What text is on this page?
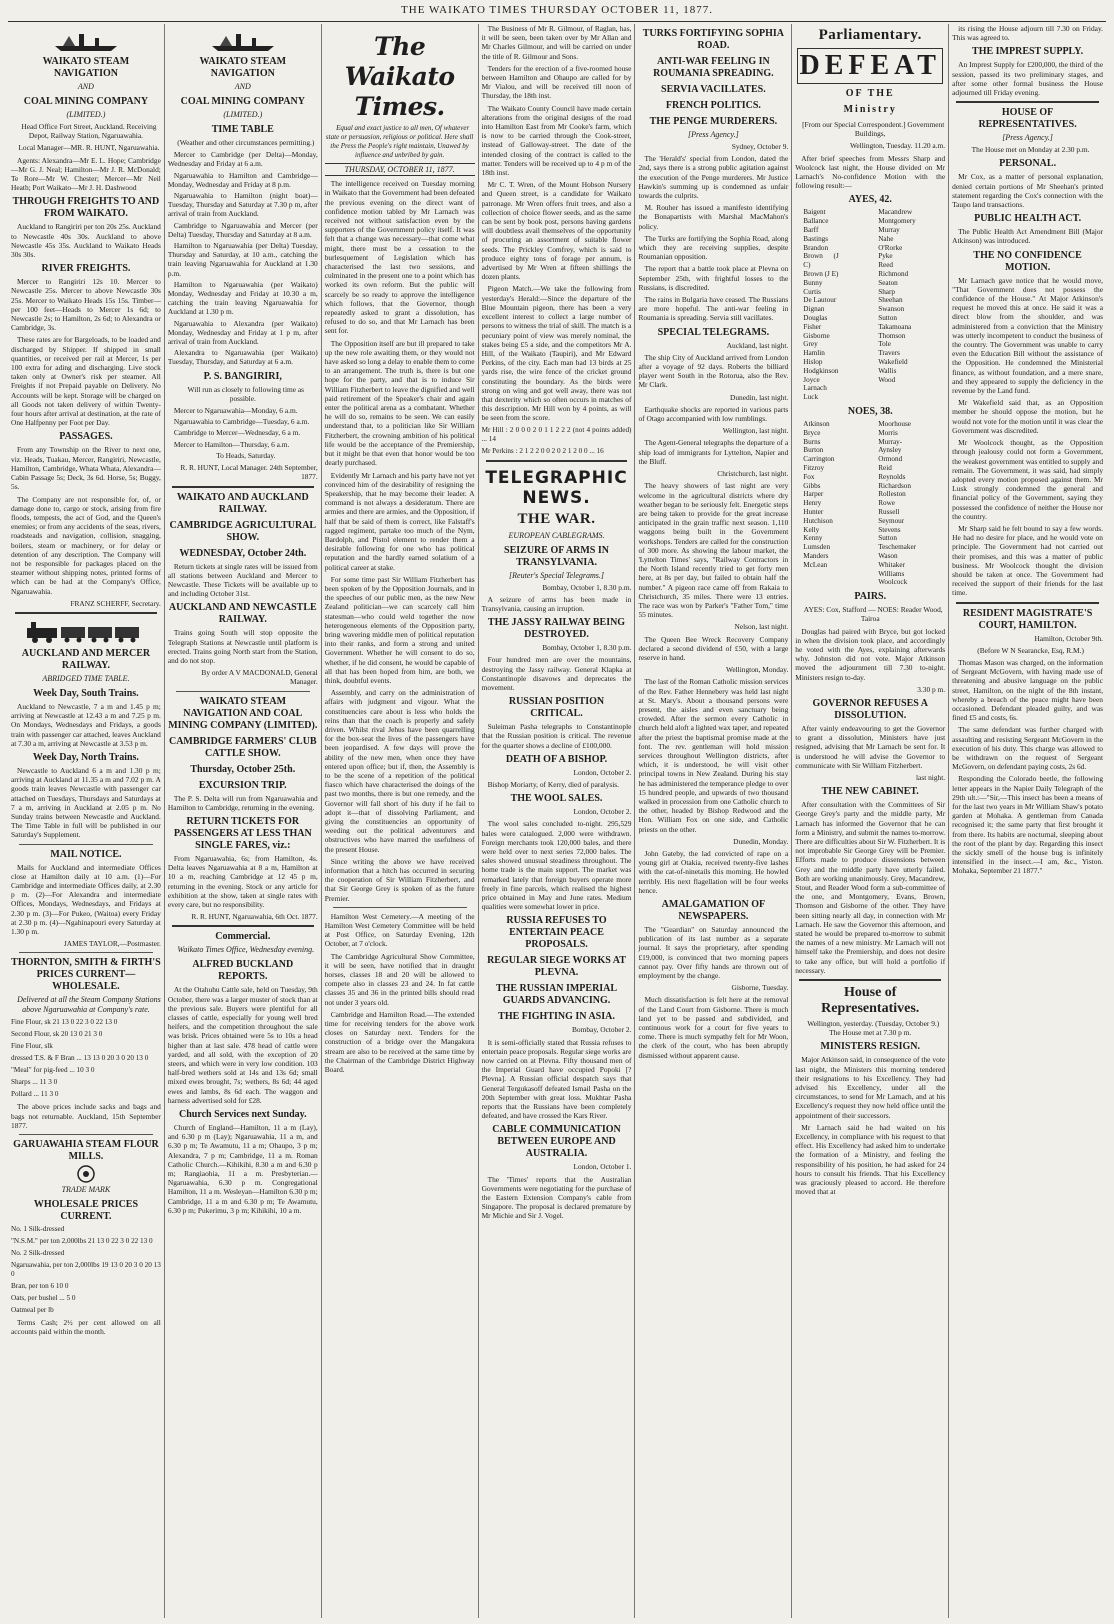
THE WAIKATO TIMES THURSDAY OCTOBER 11, 1877.
WAIKATO STEAM NAVIGATION
AND
COAL MINING COMPANY
(LIMITED.)

Head Office Fort Street, Auckland. Receiving Depot, Railway Station, Ngaruawahia.

Local Manager—MR. R. HUNT, Ngaruawahia.

Agents: Alexandra—Mr E. L. Hope; Cambridge—Mr G. J. Neal; Hamilton—Mr J. R. McDonald; Te Rore—Mr W. Chester; Mercer—Mr Neil Heath; Port Waikato—Mr J. H. Dashwood

THROUGH FREIGHTS TO AND FROM WAIKATO.

Auckland to Rangiriri per ton 20s 25s. Auckland to Newcastle 40s 30s. Auckland to above Newcastle 45s 35s. Auckland to Waikato Heads 30s 30s.

RIVER FREIGHTS.

Mercer to Rangiriri 12s 10. Mercer to Newcastle 25s. Mercer to above Newcastle 30s 25s. Mercer to Waikato Heads 15s 15s. Timber—per 100 feet—Heads to Mercer 1s 6d; to Newcastle 2s; to Hamilton, 2s 6d; to Alexandra or Cambridge, 3s.

These rates are for Bargeloads, to be loaded and discharged by Shipper. If shipped in small quantities, or received per rail at Mercer, 1s per 100 extra for ading and discharging. Live stock taken only at Owner's risk per steamer. All Freights if not Prepaid payable on Delivery. No Accounts will be kept. Storage will be charged on all Goods not taken delivery of within Twenty-four hours after arrival at destination, at the rate of One Halfpenny per Foot per Day.

PASSAGES.

From any Township on the River to next one, viz. Heads, Tuakau, Mercer, Rangiriri, Newcastle, Hamilton, Cambridge, Whata Whata, Alexandra—Cabin Passage 5s; Deck, 3s 6d. Horse, 5s; Buggy, 5s.

The Company are not responsible for, of, or damage done to, cargo or stock, arising from fire floods, tempests, the act of God, and the Queen's enemies; or from any accidents of the seas, rivers, roadsteads and navigation, collision, snagging, boilers, steam or machinery, or for delay or detention of any description. The Company will not be responsible for packages placed on the steamer without shipping notes, printed forms of which can be had at the Company's Office, Ngaruawahia.

FRANZ SCHERFF, Secretary.

AUCKLAND AND MERCER RAILWAY.
ABRIDGED TIME TABLE.
Week Day, South Trains.

Auckland to Newcastle, 7 a m and 1.45 p m; arriving at Newcastle at 12.43 a m and 7.25 p m. On Mondays, Wednesdays and Fridays, a goods train with passenger car attached, leaves Auckland at 7.30 a m, arriving at Newcastle at 3.53 p m.

Week Day, North Trains.

Newcastle to Auckland 6 a m and 1.30 p m; arriving at Auckland at 11.35 a m and 7.02 p m. A goods train leaves Newcastle with passenger car attached on Tuesdays, Thursdays and Saturdays at 7 a m, arriving in Auckland at 2.05 p m. No Sunday trains between Newcastle and Auckland. The Time Table in full will be published in our Saturday's Supplement.

MAIL NOTICE.

Mails for Auckland and intermediate Offices close at Hamilton daily at 10 a.m. (1)—For Cambridge and intermediate Offices daily, at 2.30 p m. (2)—For Alexandra and intermediate Offices, Mondays, Wednesdays, and Fridays at 2.30 p m. (3)—For Pukeo, (Waitoa) every Friday at 2.30 p m. (4)—Ngahinapouri every Saturday at 1.30 p m.

JAMES TAYLOR,—Postmaster.

THORNTON, SMITH & FIRTH'S PRICES CURRENT—WHOLESALE.

Delivered at all the Steam Company Stations above Ngaruawahia at Company's rate.

Fine Flour, sk 21 13 0 22 3 0 22 13 0

Second Flour, sk 20 13 0 21 3 0

Fine Flour, slk

dressed T.S. & F Bran ... 13 13 0 20 3 0 20 13 0

"Meal" for pig-feed ... 10 3 0

Sharps ... 11 3 0

Pollard ... 11 3 0

The above prices include sacks and bags and bags not returnable. Auckland, 15th September 1877.

GARUAWAHIA STEAM FLOUR MILLS.
TRADE MARK
WHOLESALE PRICES CURRENT.

No. 1 Silk-dressed

"N.S.M." per ton 2,000lbs 21 13 0 22 3 0 22 13 0

No. 2 Silk-dressed

Ngaruawahia, per ton 2,000lbs 19 13 0 20 3 0 20 13 0

Bran, per ton 6 10 0

Oats, per bushel ... 5 0

Oatmeal per lb

Terms Cash; 2½ per cent allowed on all accounts paid within the month.

WAIKATO STEAM NAVIGATION
AND
COAL MINING COMPANY
(LIMITED.)
TIME TABLE

(Weather and other circumstances permitting.)

Mercer to Cambridge (per Delta)—Monday, Wednesday and Friday at 6 a.m.

Ngaruawahia to Hamilton and Cambridge—Monday, Wednesday and Friday at 8 p.m.

Ngaruawahia to Hamilton (night boat)—Tuesday, Thursday and Saturday at 7.30 p m, after arrival of train from Auckland.

Cambridge to Ngaruawahia and Mercer (per Delta) Tuesday, Thursday and Saturday at 8 a.m.

Hamilton to Ngaruawahia (per Delta) Tuesday, Thursday and Saturday, at 10 a.m., catching the train leaving Ngaruawahia for Auckland at 1.30 p.m.

Hamilton to Ngaruawahia (per Waikato) Monday, Wednesday and Friday at 10.30 a m, catching the train leaving Ngaruawahia for Auckland at 1.30 p m.

Ngaruawahia to Alexandra (per Waikato) Monday, Wednesday and Friday at 1 p m, after arrival of train from Auckland.

Alexandra to Ngaruawahia (per Waikato) Tuesday, Thursday, and Saturday at 6 a.m.

P. S. BANGIRIRI,

Will run as closely to following time as possible.

Mercer to Ngaruawahia—Monday, 6 a.m.

Ngaruawahia to Cambridge—Tuesday, 6 a.m.

Cambridge to Mercer—Wednesday, 6 a m.

Mercer to Hamilton—Thursday, 6 a.m.

To Heads, Saturday.

R. R. HUNT, Local Manager. 24th September, 1877.

WAIKATO AND AUCKLAND RAILWAY.
CAMBRIDGE AGRICULTURAL SHOW.
WEDNESDAY, October 24th.

Return tickets at single rates will be issued from all stations between Auckland and Mercer to Newcastle. These Tickets will be available up to and including October 31st.

AUCKLAND AND NEWCASTLE RAILWAY.

Trains going South will stop opposite the Telegraph Stations at Newcastle until platform is erected. Trains going North start from the Station, and do not stop.

By order A V MACDONALD, General Manager.

WAIKATO STEAM NAVIGATION AND COAL MINING COMPANY (LIMITED).
CAMBRIDGE FARMERS' CLUB CATTLE SHOW.
Thursday, October 25th.
EXCURSION TRIP.

The P. S. Delta will run from Ngaruawahia and Hamilton to Cambridge, returning in the evening.

RETURN TICKETS FOR PASSENGERS AT LESS THAN SINGLE FARES, viz.:

From Ngaruawahia, 6s; from Hamilton, 4s. Delta leaves Ngaruawahia at 8 a m, Hamilton at 10 a m, reaching Cambridge at 12 45 p m, returning in the evening. Stock or any article for exhibition at the show, taken at single rates with every care, but no responsibility.

R. R. HUNT, Ngaruawahia, 6th Oct. 1877.

Commercial.

Waikato Times Office, Wednesday evening.

ALFRED BUCKLAND REPORTS.

At the Otahuhu Cattle sale, held on Tuesday, 9th October, there was a larger muster of stock than at the previous sale. Buyers were plentiful for all classes of cattle, especially for young well bred heifers, and the competition throughout the sale was brisk. Prices obtained were 5s to 10s a head higher than at last sale. 478 head of cattle were yarded, and all sold, with the exception of 20 steers, and which were in very low condition. 103 half-bred wethers sold at 14s and 13s 6d; small mixed ewes brought, 7s; wethers, 8s 6d; 44 aged ewes and lambs, 8s 6d each. The waggon and harness advertised sold for £28.

Church Services next Sunday.

Church of England—Hamilton, 11 a m (Lay), and 6.30 p m (Lay); Ngaruawahia, 11 a m, and 6.30 p m; Te Awamutu, 11 a m; Ohaupo, 3 p m; Alexandra, 7 p m; Cambridge, 11 a m. Roman Catholic Church.—Kihikihi, 8.30 a m and 6.30 p m; Rangiaohia, 11 a m. Presbyterian.—Ngaruawahia, 6.30 p m. Congregational Hamilton, 11 a m. Wesleyan—Hamilton 6.30 p m; Cambridge, 11 a m and 6.30 p m; Te Awamutu, 6.30 p m; Pukerimu, 3 p m; Kihikihi, 10 a m.

The Waikato Times.

Equal and exact justice to all men, Of whatever state or persuasion, religious or political. Here shall the Press the People's right maintain, Unawed by influence and unbribed by gain.

THURSDAY, OCTOBER 11, 1877.

The intelligence received on Tuesday morning in Waikato that the Government had been defeated the previous evening on the direct want of confidence motion tabled by Mr Larnach was received not without satisfaction even by the supporters of the Government policy itself. It was felt that a change was necessary—that come what might, there must be a cessation to the burlesquement of Legislation which has characterised the last two sessions, and culminated in the present one to a point which has worked its own reform. But the public will scarcely be so ready to approve the intelligence which follows, that the Governor, though repeatedly asked to grant a dissolution, has refused to do so, and that Mr Larnach has been sent for.

The Opposition itself are but ill prepared to take up the new role awaiting them, or they would not have asked so long a delay to enable them to come to an arrangement. The truth is, there is but one hope for the party, and that is to induce Sir William Fitzherbert to leave the dignified and well paid retirement of the Speaker's chair and again enter the political arena as a combatant. Whether he will do so, remains to be seen. We can easily understand that, to a politician like Sir William Fitzherbert, the crowning ambition of his political life would be the acceptance of the Premiership, but it might be that even that honor would be too dearly purchased.

Evidently Mr Larnach and his party have not yet convinced him of the desirability of resigning the Speakership, that he may become their leader. A command is not always a desideratum. There are armies and there are armies, and the Opposition, if half that be said of them is correct, like Falstaff's ragged regiment, partake too much of the Nym, Bardolph, and Pistol element to render them a desirable following for one who has political reputation and the hardly earned solatium of a political career at stake.

For some time past Sir William Fitzherbert has been spoken of by the Opposition Journals, and in the speeches of our public men, as the new New Zealand politician—we can scarcely call him statesman—who could weld together the now heterogeneous elements of the Opposition party, bring wavering middle men of political reputation into their ranks, and form a strong and united Government. Whether he will consent to do so, whether, if he did consent, he would be capable of all that has been hoped from him, are both, we think, doubtful events.

Assembly, and carry on the administration of affairs with judgment and vigour. What the constituencies care about is less who holds the reins than that the coach is properly and safely driven. Whilst rival Jehus have been quarrelling for the box-seat the lives of the passengers have been jeopardised. A few days will prove the ability of the new men, when once they have entered upon office; but if, then, the Assembly is to be the scene of a repetition of the political fiasco which have characterised the doings of the past two months, there is but one remedy, and the Governor will fall short of his duty if he fail to adopt it—that of dissolving Parliament, and giving the constituencies an opportunity of weeding out the political adventurers and obstructives who have marred the usefulness of the present House.

Since writing the above we have received information that a hitch has occurred in securing the cooperation of Sir William Fitzherbert, and that Sir George Grey is spoken of as the future Premier.

Hamilton West Cemetery.—A meeting of the Hamilton West Cemetery Committee will be held at Post Office, on Saturday Evening, 12th October, at 7 o'clock.

The Cambridge Agricultural Show Committee, it will be seen, have notified that in draught horses, classes 18 and 20 will be allowed to compete also in classes 23 and 24. In fat cattle classes 35 and 36 in the printed bills should read not under 3 years old.

Cambridge and Hamilton Road.—The extended time for receiving tenders for the above work closes on Saturday next. Tenders for the construction of a bridge over the Mangakura stream are also to be received at the same time by the Chairman of the Cambridge District Highway Board.

The Business of Mr R. Gilmour, of Raglan, has, it will be seen, been taken over by Mr Allan and Mr Charles Gilmour, and will be carried on under the title of R. Gilmour and Sons.

Tenders for the erection of a five-roomed house between Hamilton and Ohaupo are called for by Mr Vialou, and will be received till noon of Thursday, the 18th inst.

The Waikato County Council have made certain alterations from the original designs of the road into Hamilton East from Mr Cooke's farm, which is now to be carried through the Cook-street, instead of Galloway-street. The date of the intended closing of the contract is called to the matter. Tenders will be received up to 4 p m of the 18th inst.

Mr C. T. Wren, of the Mount Hobson Nursery and Queen street, is a candidate for Waikato patronage. Mr Wren offers fruit trees, and also a collection of choice flower seeds, and as the same can be sent by book post, persons having gardens will doubtless avail themselves of the opportunity of procuring an assortment of suitable flower seeds. The Prickley Comfrey, which is said to produce eighty tons of forage per annum, is advertised by Mr Wren at fifteen shillings the dozen plants.

Pigeon Match.—We take the following from yesterday's Herald:—Since the departure of the Blue Mountain pigeon, there has been a very excellent interest to collect a large number of persons to witness the trial of skill. The match is a pecuniary point of view was merely nominal, the stakes being £5 a side, and the competitors Mr A. Hill, of the Waikato (Taupiri), and Mr Edward Perkins, of the city. Each man had 13 birds at 25 yards rise, the wire fence of the cricket ground constituting the boundary. As the birds were strong on wing and got well away, there was not that dexterity which so often occurs in matches of this description. Mr Hill won by 4 points, as will be seen from the score.

Mr Hill : 2 0 0 0 2 0 1 1 2 2 2 (not 4 points added) ... 14

Mr Perkins : 2 1 2 2 0 0 2 0 2 1 2 0 0 ... 16

TELEGRAPHIC NEWS.
THE WAR.
EUROPEAN CABLEGRAMS.
SEIZURE OF ARMS IN TRANSYLVANIA.
[Reuter's Special Telegrams.]

Bombay, October 1, 8.30 p.m.

A seizure of arms has been made in Transylvania, causing an irruption.

THE JASSY RAILWAY BEING DESTROYED.

Bombay, October 1, 8.30 p.m.

Four hundred men are over the mountains, destroying the Jassy railway. General Klapka at Constantinople disavows and deprecates the movement.

RUSSIAN POSITION CRITICAL.

Suleiman Pasha telegraphs to Constantinople that the Russian position is critical. The revenue for the quarter shows a decline of £100,000.

DEATH OF A BISHOP.

London, October 2.

Bishop Moriarty, of Kerry, died of paralysis.

THE WOOL SALES.

London, October 2.

The wool sales concluded to-night. 295,529 bales were catalogued. 2,000 were withdrawn. Foreign merchants took 120,000 bales, and there were held over to next series 72,000 bales. The sales showed unusual steadiness throughout. The home trade is the main support. The market was remarked lately that foreign buyers operate more freely in fine parcels, which realised the highest price obtained in May and June rates. Medium qualities were somewhat lower in price.

RUSSIA REFUSES TO ENTERTAIN PEACE PROPOSALS.
REGULAR SIEGE WORKS AT PLEVNA.
THE RUSSIAN IMPERIAL GUARDS ADVANCING.
THE FIGHTING IN ASIA.

Bombay, October 2.

It is semi-officially stated that Russia refuses to entertain peace proposals. Regular siege works are now carried on at Plevna. Fifty thousand men of the Imperial Guard have occupied Popoki [? Plevna]. A Russian official despatch says that General Tergukasoff defeated Ismail Pasha on the 20th September with great loss. Mukhtar Pasha reports that the Russians have been completely defeated, and have crossed the Kars River.

CABLE COMMUNICATION BETWEEN EUROPE AND AUSTRALIA.

London, October 1.

The 'Times' reports that the Australian Governments were negotiating for the purchase of the Eastern Extension Company's cable from Singapore. The proposal is declared premature by Mr Michie and Sir J. Vogel.

TURKS FORTIFYING SOPHIA ROAD.
ANTI-WAR FEELING IN ROUMANIA SPREADING.
SERVIA VACILLATES.
FRENCH POLITICS.
THE PENGE MURDERERS.
[Press Agency.]

Sydney, October 9.

The 'Herald's' special from London, dated the 2nd, says there is a strong public agitation against the execution of the Penge murderers. Mr Justice Hawkin's summing up is condemned as unfair towards the culprits.

M. Rouher has issued a manifesto identifying the Bonapartists with Marshal MacMahon's policy.

The Turks are fortifying the Sophia Road, along which they are receiving supplies, despite Roumanian opposition.

The report that a battle took place at Plevna on September 25th, with frightful losses to the Russians, is discredited.

The rains in Bulgaria have ceased. The Russians are more hopeful. The anti-war feeling in Roumania is spreading. Servia still vacillates.

SPECIAL TELEGRAMS.

Auckland, last night.

The ship City of Auckland arrived from London after a voyage of 92 days. Roberts the billiard player went South in the Rotorua, also the Rev. Mr Clark.

Dunedin, last night.

Earthquake shocks are reported in various parts of Otago accompanied with low rumblings.

Wellington, last night.

The Agent-General telegraphs the departure of a ship load of immigrants for Lyttelton, Napier and the Bluff.

Christchurch, last night.

The heavy showers of last night are very welcome in the agricultural districts where dry weather began to be seriously felt. Energetic steps are being taken to provide for the great increase anticipated in the grain traffic next season. 1,110 waggons being built in the Government workshops. Tenders are called for the construction of 300 more. As showing the labour market, the 'Lyttelton Times' says, "Railway Contractors in the North Island recently tried to get forty men here, at 8s per day, but failed to obtain half the number." A pigeon race came off from Rakaia to Christchurch, 35 miles. There were 13 entries. The race was won by Parker's "Father Tom," time 55 minutes.

Nelson, last night.

The Queen Bee Wreck Recovery Company declared a second dividend of £50, with a large reserve in hand.

Wellington, Monday.

The last of the Roman Catholic mission services of the Rev. Father Hennebery was held last night at St. Mary's. About a thousand persons were present, the aisles and even sanctuary being crowded. After the sermon every Catholic in church held aloft a lighted wax taper, and repeated after the priest the baptismal promise made at the font. The rev. gentleman will hold mission services throughout Wellington districts, after which, it is understood, he will visit other principal towns in New Zealand. During his stay he has administered the temperance pledge to over 15 hundred people, and upwards of two thousand walked in procession from one Catholic church to the other, headed by Bishop Redwood and the Hon. William Fox on one side, and Catholic priests on the other.

Dunedin, Monday.

John Gateby, the lad convicted of rape on a young girl at Otakia, received twenty-five lashes with the cat-of-ninetails this morning. He howled terribly. His next flagellation will be four weeks hence.

AMALGAMATION OF NEWSPAPERS.

The "Guardian" on Saturday announced the publication of its last number as a separate journal. It says the proprietary, after spending £19,000, is convinced that two morning papers cannot pay. Over fifty hands are thrown out of employment by the change.

Gisborne, Tuesday.

Much dissatisfaction is felt here at the removal of the Land Court from Gisborne. There is much land yet to be passed and subdivided, and continuous work for a court for five years to come. There is much sympathy felt for Mr Woon, the clerk of the court, who has been abruptly dismissed without apparent cause.

Parliamentary.
DEFEAT
OF THE
Ministry

[From our Special Correspondent.] Government Buildings,

Wellington, Tuesday. 11.20 a.m.

After brief speeches from Messrs Sharp and Woolcock last night, the House divided on Mr Larnach's No-confidence Motion with the following result:—

AYES, 42.
Baigent
Ballance
Barff
Bastings
Brandon
Brown (J C)
Brown (J E)
Bunny
Curtis
De Lautour
Dignan
Douglas
Fisher
Gisborne
Grey
Hamlin
Hislop
Hodgkinson
Joyce
Larnach
Luck
Macandrew
Montgomery
Murray
Nahe
O'Rorke
Pyke
Reed
Richmond
Seaton
Sharp
Sheehan
Swanson
Sutton
Takamoana
Thomson
Tole
Travers
Wakefield
Wallis
Wood
NOES, 38.
Atkinson
Bryce
Burns
Burton
Carrington
Fitzroy
Fox
Gibbs
Harper
Henry
Hunter
Hutchison
Kelly
Kenny
Lumsden
Manders
McLean
Moorhouse
Morris
Murray-Aynsley
Ormond
Reid
Reynolds
Richardson
Rolleston
Rowe
Russell
Seymour
Stevens
Sutton
Teschemaker
Wason
Whitaker
Williams
Woolcock
PAIRS.

AYES: Cox, Stafford — NOES: Reader Wood, Tairoa

Douglas had paired with Bryce, but got locked in when the division took place, and accordingly he voted with the Ayes, explaining afterwards why. Johnston did not vote. Major Atkinson moved the adjournment till 7.30 to-night. Ministers resign to-day.

3.30 p m.

GOVERNOR REFUSES A DISSOLUTION.

After vainly endeavouring to get the Governor to grant a dissolution, Ministers have just resigned, advising that Mr Larnach be sent for. It is understood he will advise the Governor to communicate with Sir William Fitzherbert.

last night.

THE NEW CABINET.

After consultation with the Committees of Sir George Grey's party and the middle party, Mr Larnach has informed the Governor that he can form a Ministry, and submit the names to-morrow. There are difficulties about Sir W. Fitzherbert. It is not improbable Sir George Grey will be Premier. Efforts made to produce dissensions between Grey and the middle party have utterly failed. Both are working unanimously. Grey, Macandrew, Stout, and Reader Wood form a sub-committee of the one, and Montgomery, Evans, Brown, Thomson and Gisborne of the other. They have been sitting nearly all day, in connection with Mr Larnach. He saw the Governor this afternoon, and stated he would be prepared to-morrow to submit the names of a new ministry. Mr Larnach will not himself take the Premiership, and does not desire to take any office, but will hold a portfolio if necessary.

House of Representatives.

Wellington, yesterday. (Tuesday, October 9.) The House met at 7.30 p m.

MINISTERS RESIGN.

Major Atkinson said, in consequence of the vote last night, the Ministers this morning tendered their resignations to his Excellency. They had advised his Excellency, under all the circumstances, to send for Mr Larnach, and at his Excellency's request they now held office until the appointment of their successors.

Mr Larnach said he had waited on his Excellency, in compliance with his request to that effect. His Excellency had asked him to undertake the formation of a Ministry, and feeling the responsibility of his position, he had asked for 24 hours to consult his friends. That his Excellency was graciously pleased to accord. He therefore moved that at

its rising the House adjourn till 7.30 on Friday. This was agreed to.

THE IMPREST SUPPLY.

An Imprest Supply for £200,000, the third of the session, passed its two preliminary stages, and after some other formal business the House adjourned till Friday evening.

HOUSE OF REPRESENTATIVES.
[Press Agency.]

The House met on Monday at 2.30 p.m.

PERSONAL.

Mr Cox, as a matter of personal explanation, denied certain portions of Mr Sheehan's printed statement regarding the Cox's connection with the Taupo land transactions.

PUBLIC HEALTH ACT.

The Public Health Act Amendment Bill (Major Atkinson) was introduced.

THE NO CONFIDENCE MOTION.

Mr Larnach gave notice that he would move, "That Government does not possess the confidence of the House." At Major Atkinson's request he moved this at once. He said it was a direct blow from the shoulder, and was administered from a conviction that the Ministry was utterly incompetent to conduct the business of the country. The Government was unable to carry even the Education Bill without the assistance of the Opposition. He condemned the Ministerial finance, as without foundation, and a mere snare, and they appeared to supply the deficiency in the revenue by the Land fund.

Mr Wakefield said that, as an Opposition member he should oppose the motion, but he would not vote for the motion until it was clear the Government was discredited.

Mr Woolcock thought, as the Opposition through jealousy could not form a Government, the weakest government was entitled to supply and remain. The Government, it was said, had simply adopted every motion proposed against them. Mr Lusk strongly condemned the general and financial policy of the Government, saying they possessed the confidence of neither the House nor the country.

Mr Sharp said he felt bound to say a few words. He had no desire for place, and he would vote on principle. The Government had not carried out their promises, and this was a matter of public business. Mr Woolcock thought the division should be taken at once. The Government had received the support of their friends for the last time.

RESIDENT MAGISTRATE'S COURT, HAMILTON.

Hamilton, October 9th.

(Before W N Searancke, Esq, R.M.)

Thomas Mason was charged, on the information of Sergeant McGovern, with having made use of threatening and abusive language on the public street, Hamilton, on the night of the 8th instant, whereby a breach of the peace might have been occasioned. Defendant pleaded guilty, and was fined £5 and costs, 6s.

The same defendant was further charged with assaulting and resisting Sergeant McGovern in the execution of his duty. This charge was allowed to be withdrawn on the request of Sergeant McGovern, on defendant paying costs, 2s 6d.

Responding the Colorado beetle, the following letter appears in the Napier Daily Telegraph of the 29th ult.:—"Sir,—This insect has been a means of for the last two years in Mr William Shaw's potato garden at Mohaka. A gentleman from Canada recognised it; the same party that first brought it from there. Its habits are nocturnal, sleeping about the root of the plant by day. Regarding this insect the sickly smell of the house bug is infinitely intensified in the insect.—I am, &c., Yiston. Mohaka, September 21 1877."
